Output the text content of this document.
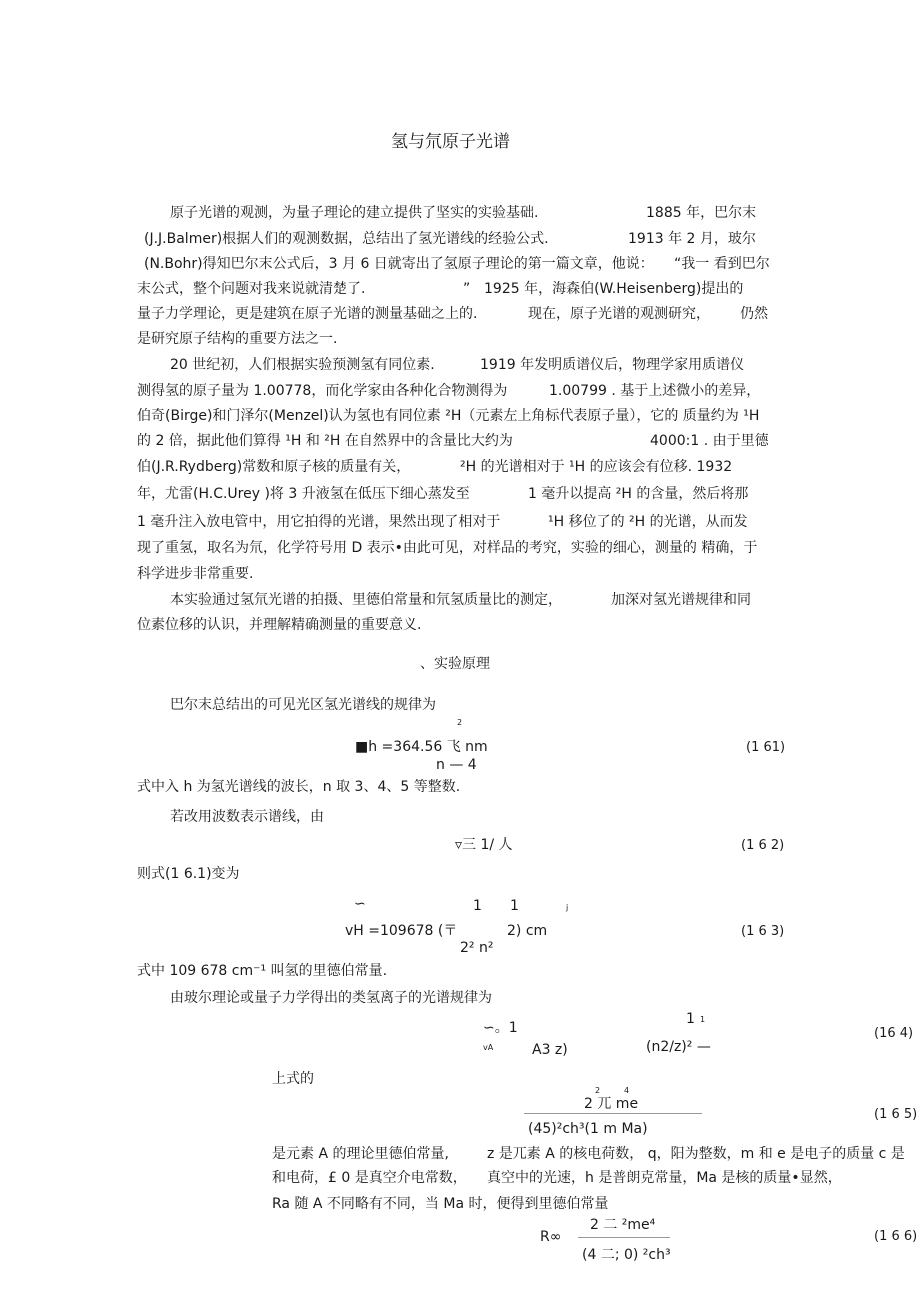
氢与氘原子光谱
原子光谱的观测，为量子理论的建立提供了坚实的实验基础.	1885 年，巴尔末
(J.J.Balmer)根据人们的观测数据，总结出了氢光谱线的经验公式.	1913 年 2 月，玻尔
(N.Bohr)得知巴尔末公式后，3 月 6 日就寄出了氢原子理论的第一篇文章，他说： “我一 看到巴尔
末公式，整个问题对我来说就清楚了.	” 1925 年，海森伯(W.Heisenberg)提出的
量子力学理论，更是建筑在原子光谱的测量基础之上的.	现在，原子光谱的观测研究， 仍然
是研究原子结构的重要方法之一.
20 世纪初，人们根据实验预测氢有同位素.	1919 年发明质谱仪后，物理学家用质谱仪
测得氢的原子量为 1.00778，而化学家由各种化合物测得为	1.00799 . 基于上述微小的差异，
伯奇(Birge)和门泽尔(Menzel)认为氢也有同位素 ²H（元素左上角标代表原子量），它的 质量约为 ¹H
的 2 倍，据此他们算得 ¹H 和 ²H 在自然界中的含量比大约为	4000:1 . 由于里德
伯(J.R.Rydberg)常数和原子核的质量有关，	²H 的光谱相对于 ¹H 的应该会有位移. 1932
年，尤雷(H.C.Urey )将 3 升液氢在低压下细心蒸发至	1 毫升以提高 ²H 的含量，然后将那
1 毫升注入放电管中，用它拍得的光谱，果然出现了相对于	¹H 移位了的 ²H 的光谱，从而发
现了重氢，取名为氘，化学符号用 D 表示•由此可见，对样品的考究，实验的细心，测量的 精确，于
科学进步非常重要.
本实验通过氢氘光谱的拍摄、里德伯常量和氘氢质量比的测定，	加深对氢光谱规律和同
位素位移的认识，并理解精确测量的重要意义.
、实验原理
巴尔末总结出的可见光区氢光谱线的规律为
2
■h =364.56 飞 nm
n — 4
(1 61)
式中入 h 为氢光谱线的波长，n 取 3、4、5 等整数.
若改用波数表示谱线，由
▿三 1/ 人	(1 6 2)
则式(1 6.1)变为
∽	1 1	j
vH =109678 (〒	2) cm
2² n²
(1 6 3)
式中 109 678 cm⁻¹ 叫氢的里德伯常量.
由玻尔理论或量子力学得出的类氢离子的光谱规律为
∽。1
vA	A3 z)
1 1
(n2/z)² —
(16 4)
上式的
2	4
2 兀 me
(45)²ch³(1 m Ma)
(1 6 5)
是元素 A 的理论里德伯常量,	z 是兀素 A 的核电荷数， q，阳为整数，m 和 e 是电子的质量 c 是
和电荷，£ 0 是真空介电常数， 真空中的光速，h 是普朗克常量，Ma 是核的质量•显然，
Ra 随 A 不同略有不同，当 Ma 时，便得到里德伯常量
R∞
2 二 ²me⁴
(4 二; 0) ²ch³
(1 6 6)
